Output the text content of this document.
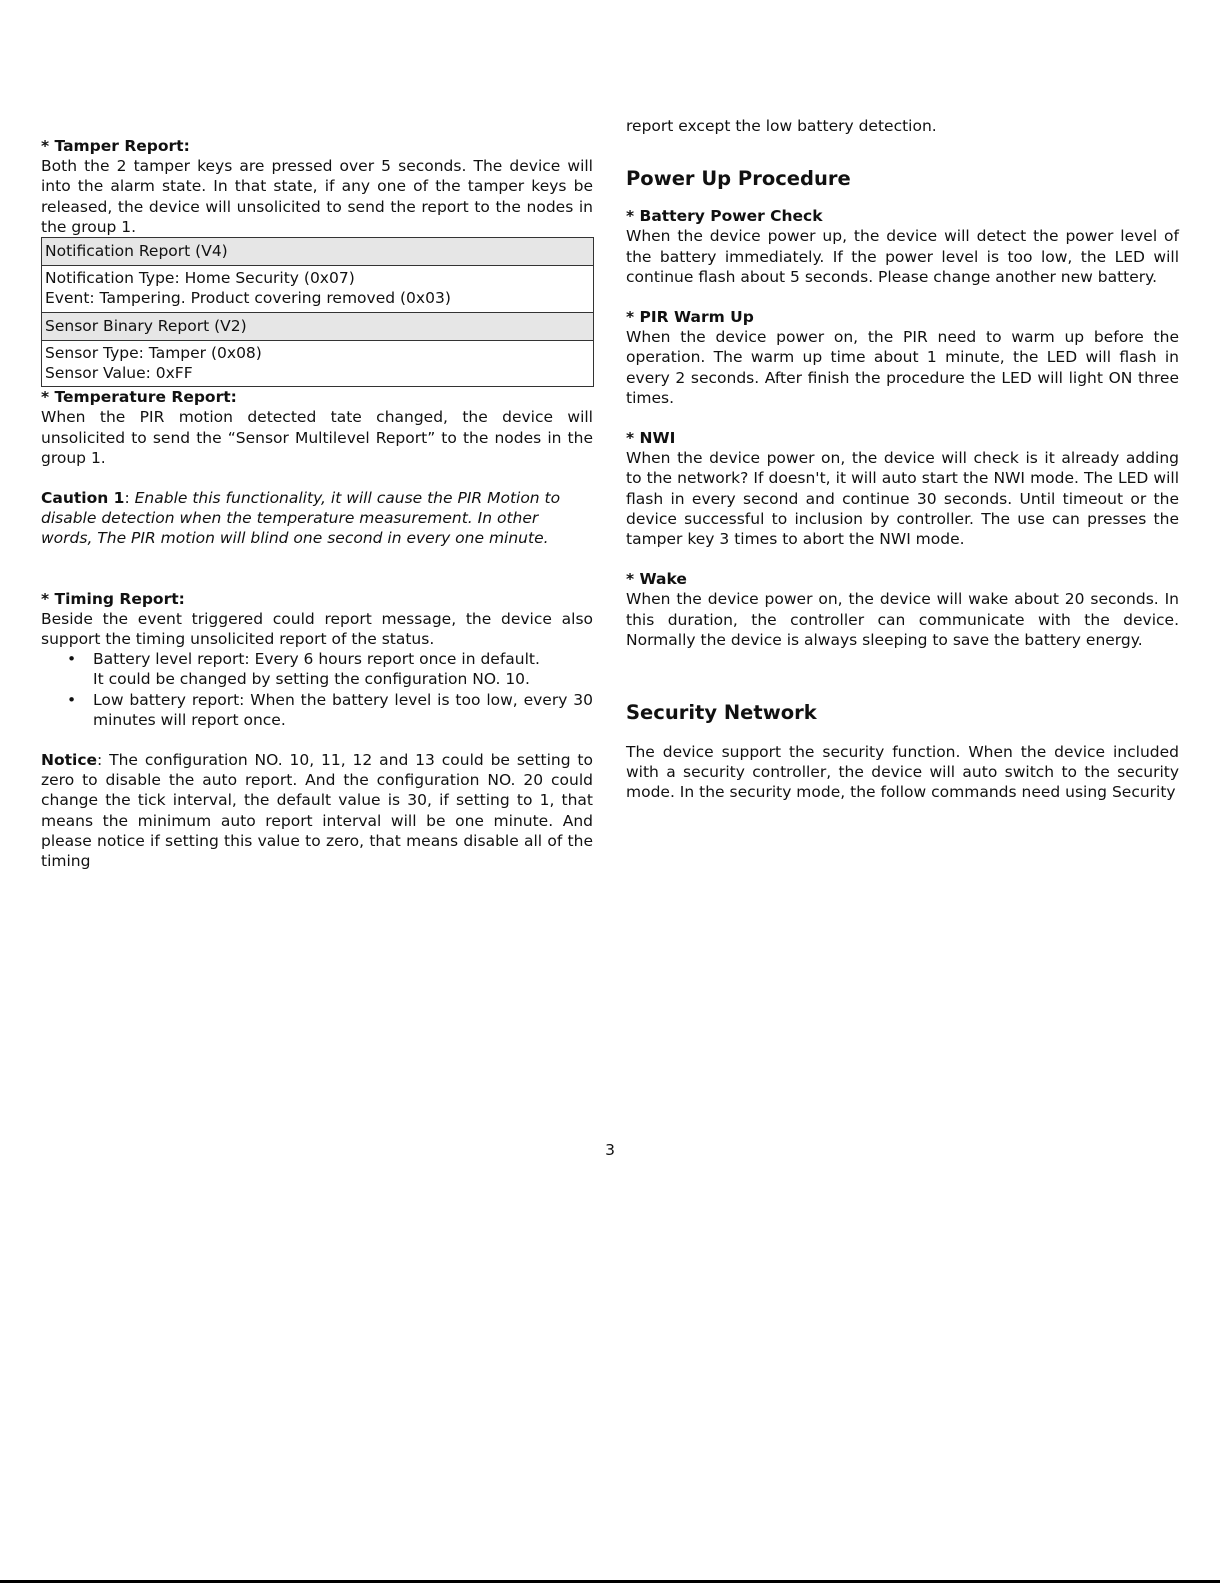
* Tamper Report:

Both the 2 tamper keys are pressed over 5 seconds. The device will into the alarm state. In that state, if any one of the tamper keys be released, the device will unsolicited to send the report to the nodes in the group 1.

Notification Report (V4)

Notification Type: Home Security (0x07)
Event: Tampering. Product covering removed (0x03)

Sensor Binary Report (V2)

Sensor Type: Tamper (0x08)
Sensor Value: 0xFF

* Temperature Report:

When the PIR motion detected tate changed, the device will unsolicited to send the “Sensor Multilevel Report” to the nodes in the group 1.

Caution 1: Enable this functionality, it will cause the PIR Motion to disable detection when the temperature measurement. In other words, The PIR motion will blind one second in every one minute.

* Timing Report:

Beside the event triggered could report message, the device also support the timing unsolicited report of the status.

• Battery level report: Every 6 hours report once in default.
It could be changed by setting the configuration NO. 10.
• Low battery report: When the battery level is too low, every 30 minutes will report once.

Notice: The configuration NO. 10, 11, 12 and 13 could be setting to zero to disable the auto report. And the configuration NO. 20 could change the tick interval, the default value is 30, if setting to 1, that means the minimum auto report interval will be one minute. And please notice if setting this value to zero, that means disable all of the timing

report except the low battery detection.

Power Up Procedure

* Battery Power Check

When the device power up, the device will detect the power level of the battery immediately. If the power level is too low, the LED will continue flash about 5 seconds. Please change another new battery.

* PIR Warm Up

When the device power on, the PIR need to warm up before the operation. The warm up time about 1 minute, the LED will flash in every 2 seconds. After finish the procedure the LED will light ON three times.

* NWI

When the device power on, the device will check is it already adding to the network? If doesn't, it will auto start the NWI mode. The LED will flash in every second and continue 30 seconds. Until timeout or the device successful to inclusion by controller. The use can presses the tamper key 3 times to abort the NWI mode.

* Wake

When the device power on, the device will wake about 20 seconds. In this duration, the controller can communicate with the device. Normally the device is always sleeping to save the battery energy.

Security Network

The device support the security function. When the device included with a security controller, the device will auto switch to the security mode. In the security mode, the follow commands need using Security

3
